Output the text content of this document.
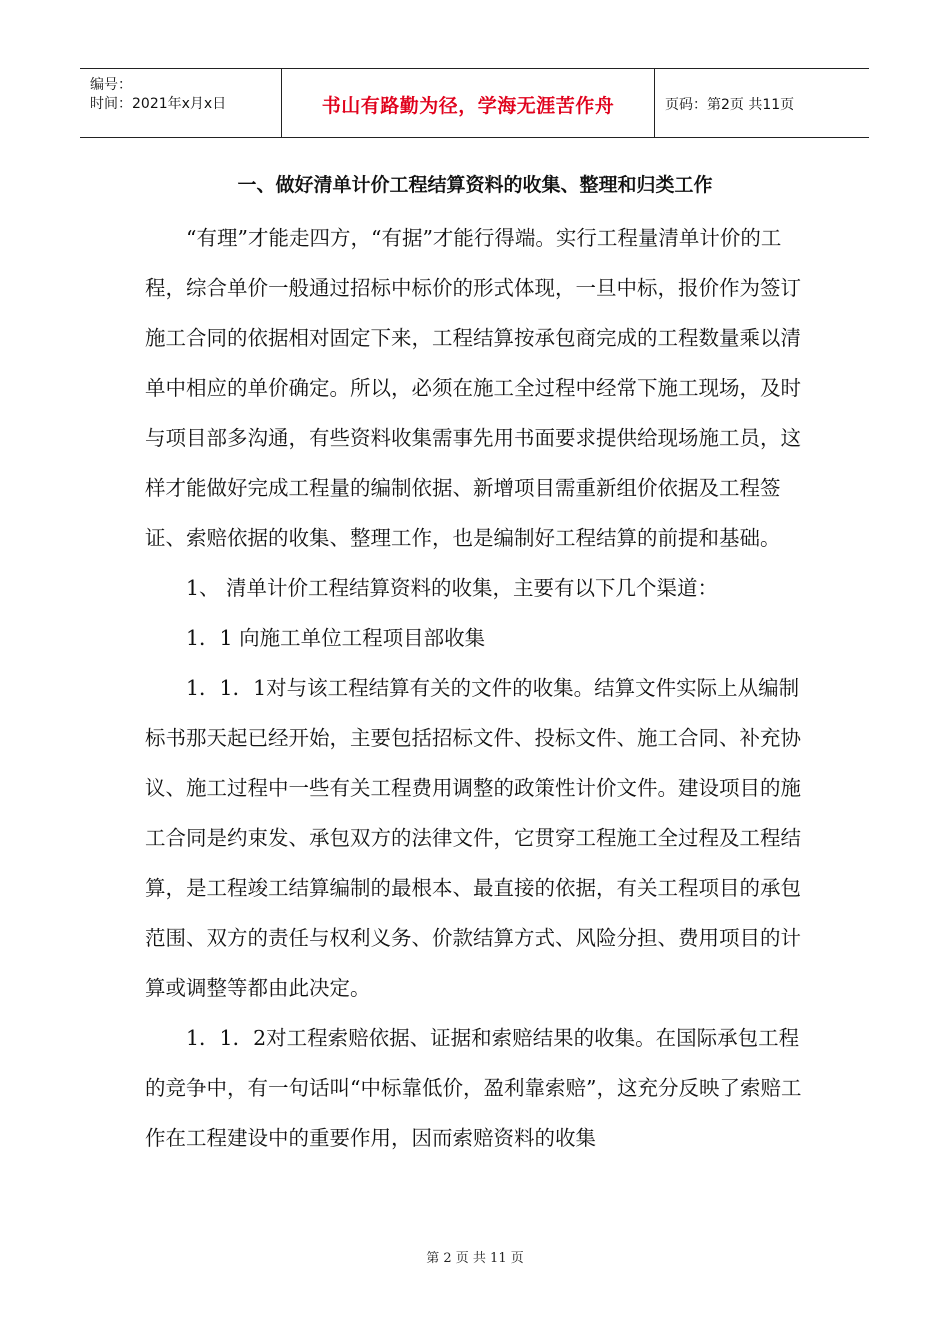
编号：
时间：2021年x月x日	书山有路勤为径，学海无涯苦作舟	页码：第2页 共11页
一、做好清单计价工程结算资料的收集、整理和归类工作

“有理”才能走四方，“有据”才能行得端。实行工程量清单计价的工程，综合单价一般通过招标中标价的形式体现，一旦中标，报价作为签订施工合同的依据相对固定下来，工程结算按承包商完成的工程数量乘以清单中相应的单价确定。所以，必须在施工全过程中经常下施工现场，及时与项目部多沟通，有些资料收集需事先用书面要求提供给现场施工员，这样才能做好完成工程量的编制依据、新增项目需重新组价依据及工程签证、索赔依据的收集、整理工作，也是编制好工程结算的前提和基础。

1、 清单计价工程结算资料的收集，主要有以下几个渠道：

1．1 向施工单位工程项目部收集

1．1．1对与该工程结算有关的文件的收集。结算文件实际上从编制标书那天起已经开始，主要包括招标文件、投标文件、施工合同、补充协议、施工过程中一些有关工程费用调整的政策性计价文件。建设项目的施工合同是约束发、承包双方的法律文件，它贯穿工程施工全过程及工程结算，是工程竣工结算编制的最根本、最直接的依据，有关工程项目的承包范围、双方的责任与权利义务、价款结算方式、风险分担、费用项目的计算或调整等都由此决定。

1．1．2对工程索赔依据、证据和索赔结果的收集。在国际承包工程的竞争中，有一句话叫“中标靠低价，盈利靠索赔”，这充分反映了索赔工作在工程建设中的重要作用，因而索赔资料的收集

第 2 页 共 11 页
